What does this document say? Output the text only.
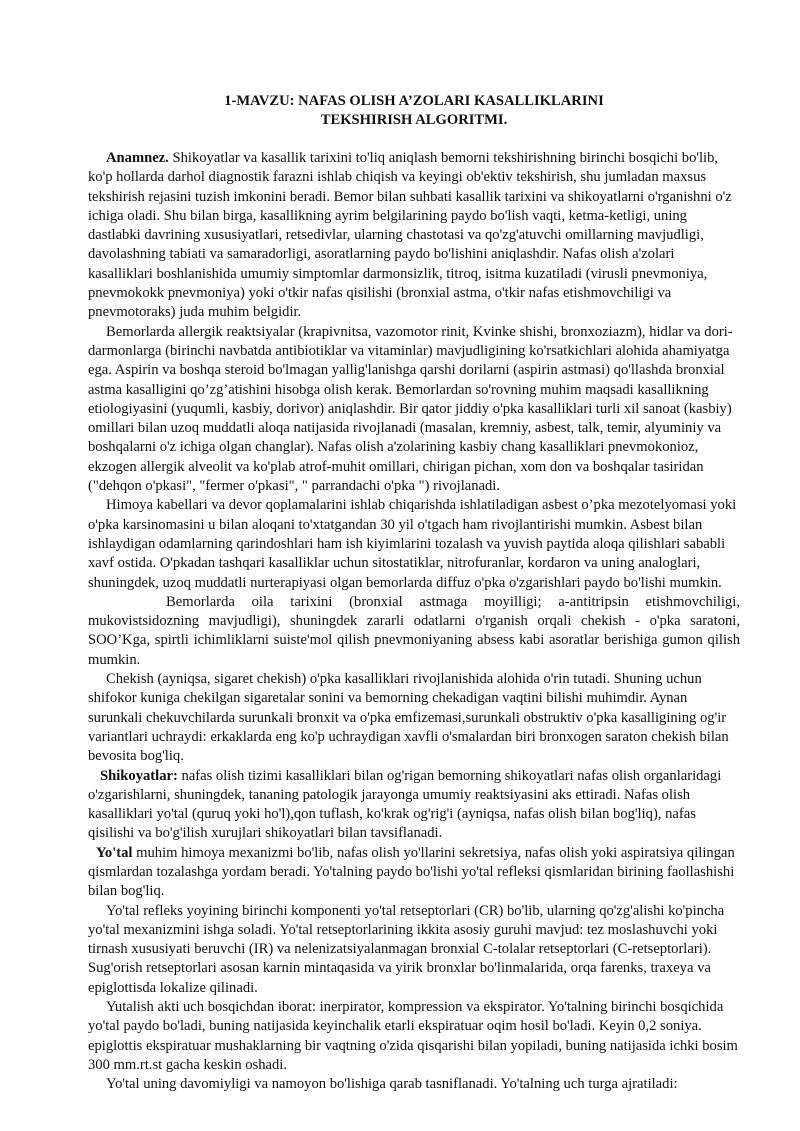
1-MAVZU: NAFAS OLISH A’ZOLARI KASALLIKLARINI
TEKSHIRISH ALGORITMI.

Anamnez. Shikoyatlar va kasallik tarixini to'liq aniqlash bemorni tekshirishning birinchi bosqichi bo'lib, ko'p hollarda darhol diagnostik farazni ishlab chiqish va keyingi ob'ektiv tekshirish, shu jumladan maxsus tekshirish rejasini tuzish imkonini beradi. Bemor bilan suhbati kasallik tarixini va shikoyatlarni o'rganishni o'z ichiga oladi. Shu bilan birga, kasallikning ayrim belgilarining paydo bo'lish vaqti, ketma-ketligi, uning dastlabki davrining xususiyatlari, retsedivlar, ularning chastotasi va qo'zg'atuvchi omillarning mavjudligi, davolashning tabiati va samaradorligi, asoratlarning paydo bo'lishini aniqlashdir. Nafas olish a'zolari kasalliklari boshlanishida umumiy simptomlar darmonsizlik, titroq, isitma kuzatiladi (virusli pnevmoniya, pnevmokokk pnevmoniya) yoki o'tkir nafas qisilishi (bronxial astma, o'tkir nafas etishmovchiligi va pnevmotoraks) juda muhim belgidir.

Bemorlarda allergik reaktsiyalar (krapivnitsa, vazomotor rinit, Kvinke shishi, bronxoziazm), hidlar va dori-darmonlarga (birinchi navbatda antibiotiklar va vitaminlar) mavjudligining ko'rsatkichlari alohida ahamiyatga ega. Aspirin va boshqa steroid bo'lmagan yallig'lanishga qarshi dorilarni (aspirin astmasi) qo'llashda bronxial astma kasalligini qo’zg’atishini hisobga olish kerak. Bemorlardan so'rovning muhim maqsadi kasallikning etiologiyasini (yuqumli, kasbiy, dorivor) aniqlashdir. Bir qator jiddiy o'pka kasalliklari turli xil sanoat (kasbiy) omillari bilan uzoq muddatli aloqa natijasida rivojlanadi (masalan, kremniy, asbest, talk, temir, alyuminiy va boshqalarni o'z ichiga olgan changlar). Nafas olish a'zolarining kasbiy chang kasalliklari pnevmokonioz, ekzogen allergik alveolit va ko'plab atrof-muhit omillari, chirigan pichan, xom don va boshqalar tasiridan ("dehqon o'pkasi", "fermer o'pkasi", " parrandachi o'pka ") rivojlanadi.

Himoya kabellari va devor qoplamalarini ishlab chiqarishda ishlatiladigan asbest o’pka mezotelyomasi yoki o'pka karsinomasini u bilan aloqani to'xtatgandan 30 yil o'tgach ham rivojlantirishi mumkin. Asbest bilan ishlaydigan odamlarning qarindoshlari ham ish kiyimlarini tozalash va yuvish paytida aloqa qilishlari sababli xavf ostida. O'pkadan tashqari kasalliklar uchun sitostatiklar, nitrofuranlar, kordaron va uning analoglari, shuningdek, uzoq muddatli nurterapiyasi olgan bemorlarda diffuz o'pka o'zgarishlari paydo bo'lishi mumkin.

Bemorlarda oila tarixini (bronxial astmaga moyilligi; a-antitripsin etishmovchiligi, mukovistsidozning mavjudligi), shuningdek zararli odatlarni o'rganish orqali chekish - o'pka saratoni, SOO’Kga, spirtli ichimliklarni suiste'mol qilish pnevmoniyaning absess kabi asoratlar berishiga gumon qilish mumkin.

Chekish (ayniqsa, sigaret chekish) o'pka kasalliklari rivojlanishida alohida o'rin tutadi. Shuning uchun shifokor kuniga chekilgan sigaretalar sonini va bemorning chekadigan vaqtini bilishi muhimdir. Aynan surunkali chekuvchilarda surunkali bronxit va o'pka emfizemasi,surunkali obstruktiv o'pka kasalligining og'ir variantlari uchraydi: erkaklarda eng ko'p uchraydigan xavfli o'smalardan biri bronxogen saraton chekish bilan bevosita bog'liq.

Shikoyatlar: nafas olish tizimi kasalliklari bilan og'rigan bemorning shikoyatlari nafas olish organlaridagi o'zgarishlarni, shuningdek, tananing patologik jarayonga umumiy reaktsiyasini aks ettiradi. Nafas olish kasalliklari yo'tal (quruq yoki ho'l),qon tuflash, ko'krak og'rig'i (ayniqsa, nafas olish bilan bog'liq), nafas qisilishi va bo'g'ilish xurujlari shikoyatlari bilan tavsiflanadi.

Yo'tal muhim himoya mexanizmi bo'lib, nafas olish yo'llarini sekretsiya, nafas olish yoki aspiratsiya qilingan qismlardan tozalashga yordam beradi. Yo'talning paydo bo'lishi yo'tal refleksi qismlaridan birining faollashishi bilan bog'liq.

Yo'tal refleks yoyining birinchi komponenti yo'tal retseptorlari (CR) bo'lib, ularning qo'zg'alishi ko'pincha yo'tal mexanizmini ishga soladi. Yo'tal retseptorlarining ikkita asosiy guruhi mavjud: tez moslashuvchi yoki tirnash xususiyati beruvchi (IR) va nelenizatsiyalanmagan bronxial C-tolalar retseptorlari (C-retseptorlari). Sug'orish retseptorlari asosan karnin mintaqasida va yirik bronxlar bo'linmalarida, orqa farenks, traxeya va epiglottisda lokalize qilinadi.

Yutalish akti uch bosqichdan iborat: inerpirator, kompression va ekspirator. Yo'talning birinchi bosqichida yo'tal paydo bo'ladi, buning natijasida keyinchalik etarli ekspiratuar oqim hosil bo'ladi. Keyin 0,2 soniya. epiglottis ekspiratuar mushaklarning bir vaqtning o'zida qisqarishi bilan yopiladi, buning natijasida ichki bosim 300 mm.rt.st gacha keskin oshadi.

Yo'tal uning davomiyligi va namoyon bo'lishiga qarab tasniflanadi. Yo'talning uch turga ajratiladi:
